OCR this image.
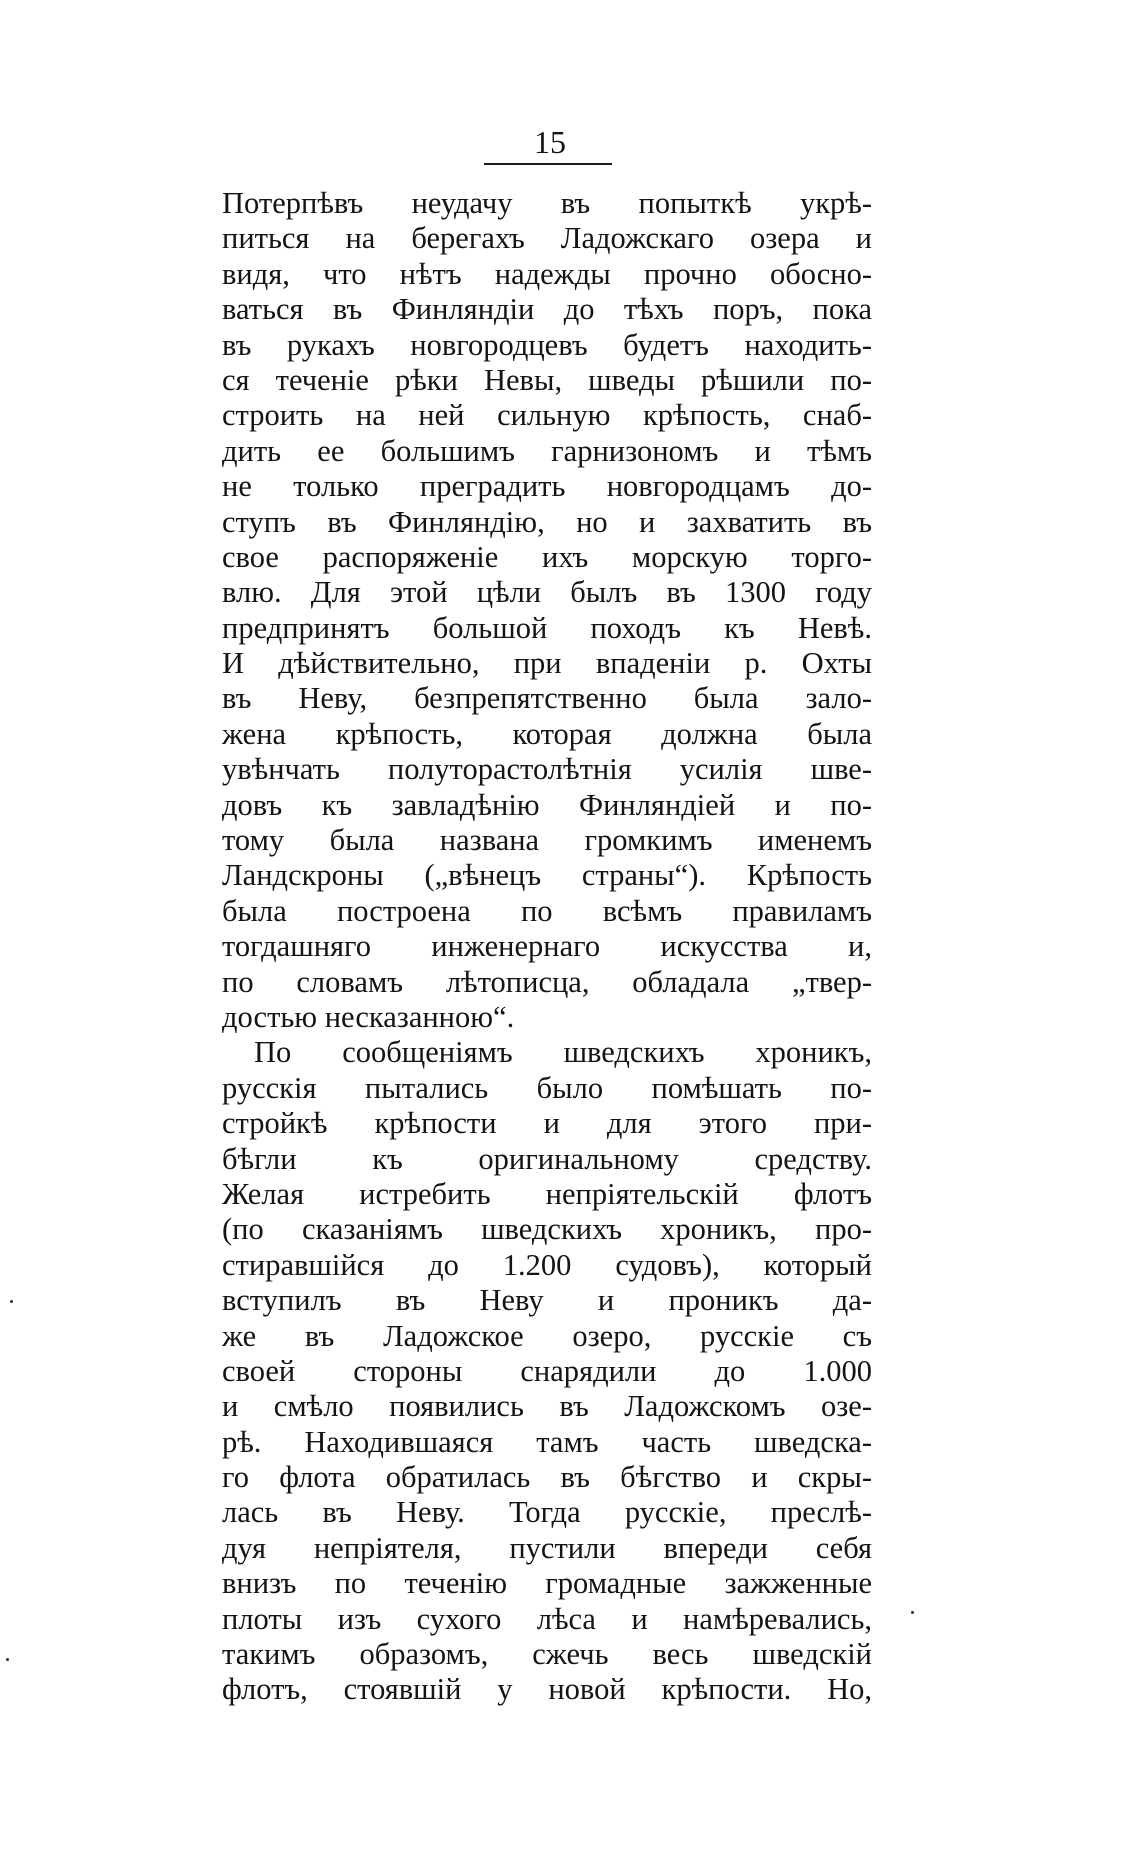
15
Потерпѣвъ неудачу въ попыткѣ укрѣ-
питься на берегахъ Ладожскаго озера и
видя, что нѣтъ надежды прочно обосно-
ваться въ Финляндіи до тѣхъ поръ, пока
въ рукахъ новгородцевъ будетъ находить-
ся теченіе рѣки Невы, шведы рѣшили по-
строить на ней сильную крѣпость, снаб-
дить ее большимъ гарнизономъ и тѣмъ
не только преградить новгородцамъ до-
ступъ въ Финляндію, но и захватить въ
свое распоряженіе ихъ морскую торго-
влю. Для этой цѣли былъ въ 1300 году
предпринятъ большой походъ къ Невѣ.
И дѣйствительно, при впаденіи р. Охты
въ Неву, безпрепятственно была зало-
жена крѣпость, которая должна была
увѣнчать полуторастолѣтнія усилія шве-
довъ къ завладѣнію Финляндіей и по-
тому была названа громкимъ именемъ
Ландскроны („вѣнецъ страны“). Крѣпость
была построена по всѣмъ правиламъ
тогдашняго инженернаго искусства и,
по словамъ лѣтописца, обладала „твер-
достью несказанною“.
По сообщеніямъ шведскихъ хроникъ,
русскія пытались было помѣшать по-
стройкѣ крѣпости и для этого при-
бѣгли къ оригинальному средству.
Желая истребить непріятельскій флотъ
(по сказаніямъ шведскихъ хроникъ, про-
стиравшійся до 1.200 судовъ), который
вступилъ въ Неву и проникъ да-
же въ Ладожское озеро, русскіе съ
своей стороны снарядили до 1.000
и смѣло появились въ Ладожскомъ озе-
рѣ. Находившаяся тамъ часть шведска-
го флота обратилась въ бѣгство и скры-
лась въ Неву. Тогда русскіе, преслѣ-
дуя непріятеля, пустили впереди себя
внизъ по теченію громадные зажженные
плоты изъ сухого лѣса и намѣревались,
такимъ образомъ, сжечь весь шведскій
флотъ, стоявшій у новой крѣпости. Но,
